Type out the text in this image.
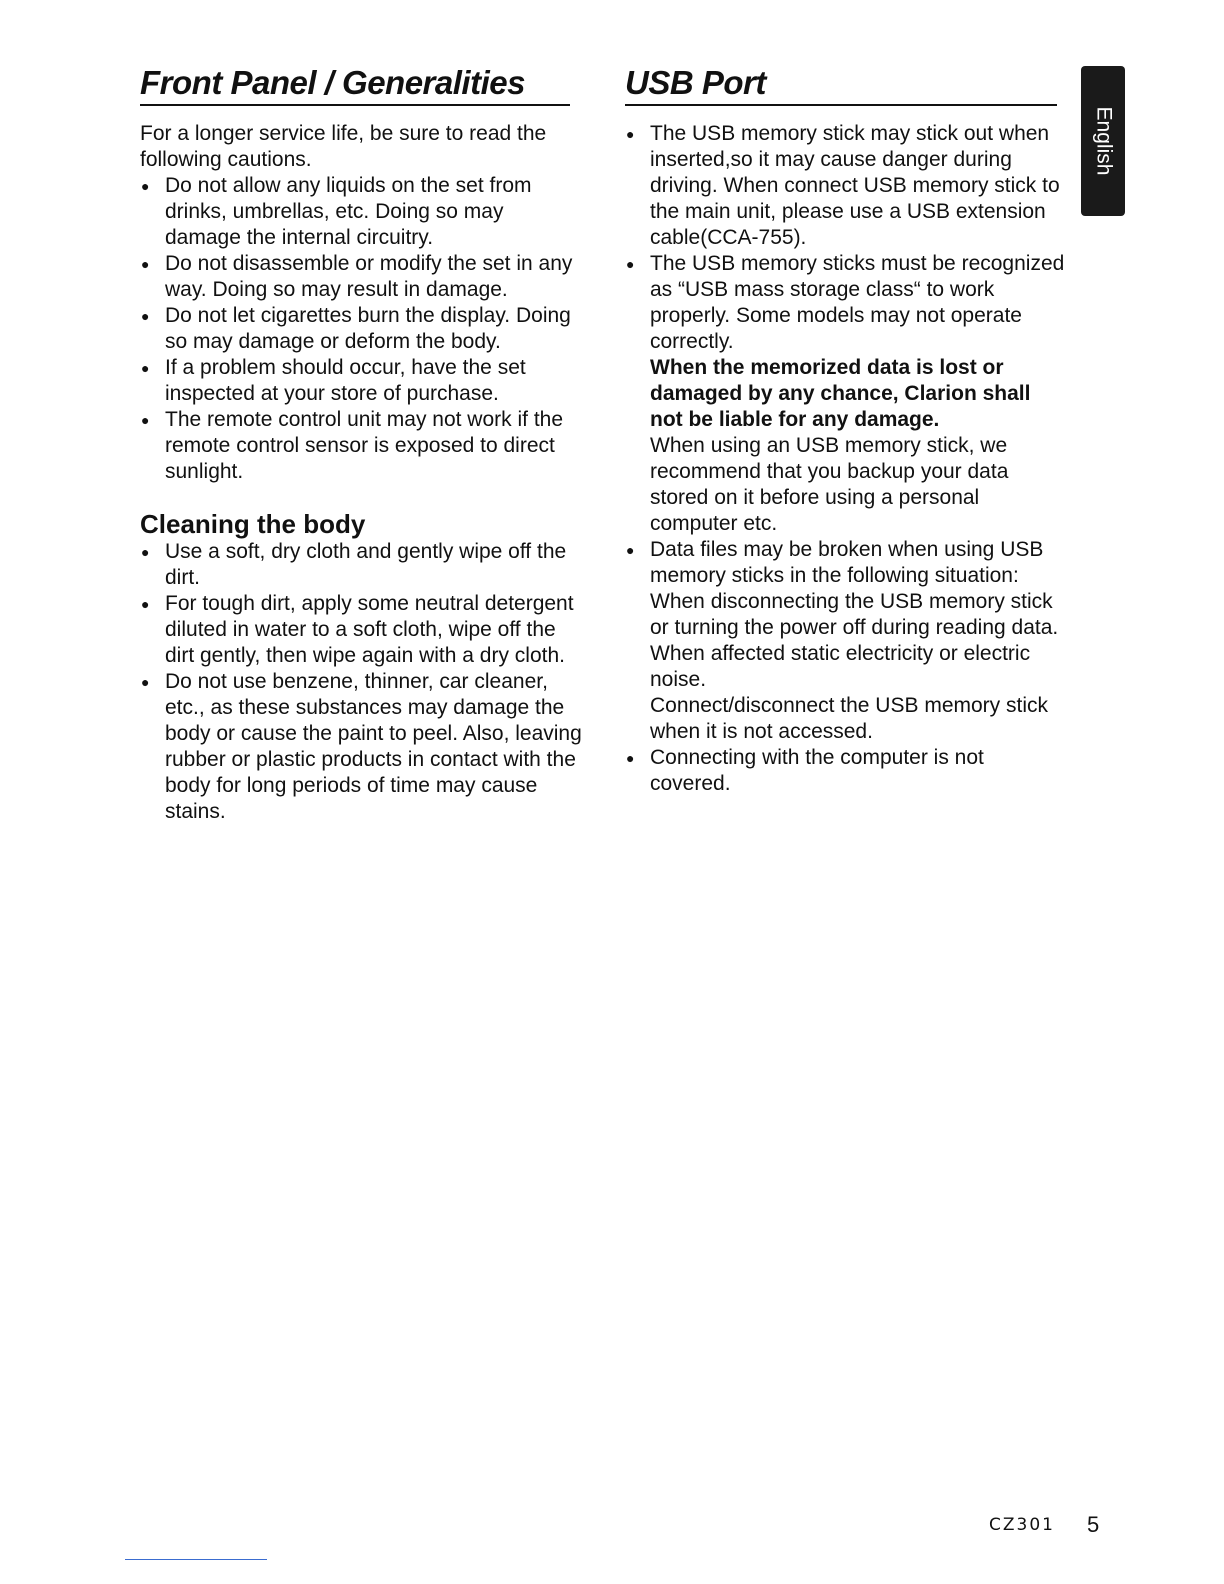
Front Panel / Generalities

For a longer service life, be sure to read the following cautions.

● Do not allow any liquids on the set from drinks, umbrellas, etc. Doing so may damage the internal circuitry.
● Do not disassemble or modify the set in any way. Doing so may result in damage.
● Do not let cigarettes burn the display. Doing so may damage or deform the body.
● If a problem should occur, have the set inspected at your store of purchase.
● The remote control unit may not work if the remote control sensor is exposed to direct sunlight.
Cleaning the body
● Use a soft, dry cloth and gently wipe off the dirt.
● For tough dirt, apply some neutral detergent diluted in water to a soft cloth, wipe off the dirt gently, then wipe again with a dry cloth.
● Do not use benzene, thinner, car cleaner, etc., as these substances may damage the body or cause the paint to peel. Also, leaving rubber or plastic products in contact with the body for long periods of time may cause stains.
USB Port
● The USB memory stick may stick out when inserted,so it may cause danger during driving. When connect USB memory stick to the main unit, please use a USB extension cable(CCA-755).
● The USB memory sticks must be recognized as “USB mass storage class“ to work properly. Some models may not operate correctly.
When the memorized data is lost or damaged by any chance, Clarion shall not be liable for any damage.
When using an USB memory stick, we recommend that you backup your data stored on it before using a personal computer etc.
● Data files may be broken when using USB memory sticks in the following situation:
When disconnecting the USB memory stick or turning the power off during reading data.
When affected static electricity or electric noise.
Connect/disconnect the USB memory stick when it is not accessed.
● Connecting with the computer is not covered.
English
CZ301 5
